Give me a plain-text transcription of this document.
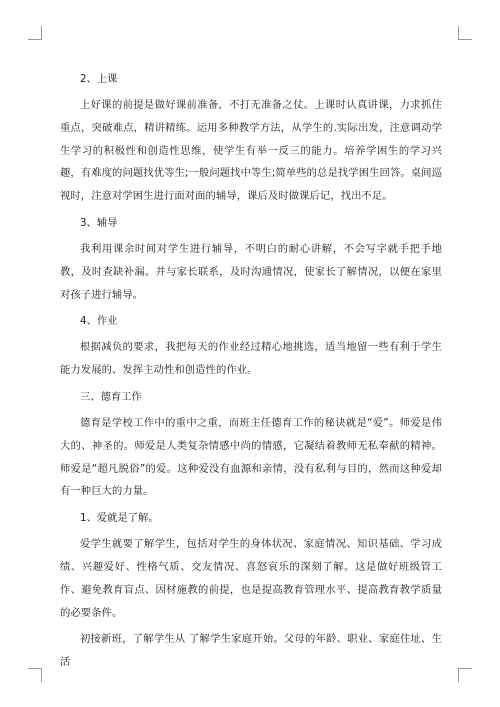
2、上课
上好课的前提是做好课前准备，不打无准备之仗。上课时认真讲课，力求抓住重点，突破难点，精讲精练。运用多种教学方法，从学生的.实际出发，注意调动学生学习的积极性和创造性思维，使学生有举一反三的能力。培养学困生的学习兴趣，有难度的问题找优等生;一般问题找中等生;简单些的总是找学困生回答。桌间巡视时，注意对学困生进行面对面的辅导，课后及时做课后记，找出不足。
3、辅导
我利用课余时间对学生进行辅导，不明白的耐心讲解，不会写字就手把手地教，及时查缺补漏。并与家长联系，及时沟通情况，使家长了解情况，以便在家里对孩子进行辅导。
4、作业
根据减负的要求，我把每天的作业经过精心地挑选，适当地留一些有利于学生能力发展的、发挥主动性和创造性的作业。
三、德育工作
德育是学校工作中的重中之重，而班主任德育工作的秘诀就是“爱”。师爱是伟大的、神圣的。师爱是人类复杂情感中尚的情感，它凝结着教师无私奉献的精神。师爱是“超凡脱俗”的爱。这种爱没有血源和亲情，没有私利与目的，然而这种爱却有一种巨大的力量。
1、爱就是了解。
爱学生就要了解学生，包括对学生的身体状况、家庭情况、知识基础、学习成绩、兴趣爱好、性格气质、交友情况、喜怒哀乐的深刻了解。这是做好班级管工作、避免教育盲点、因材施教的前提，也是提高教育管理水平、提高教育教学质量的必要条件。
初接新班，了解学生从 了解学生家庭开始。父母的年龄、职业、家庭住址、生活
